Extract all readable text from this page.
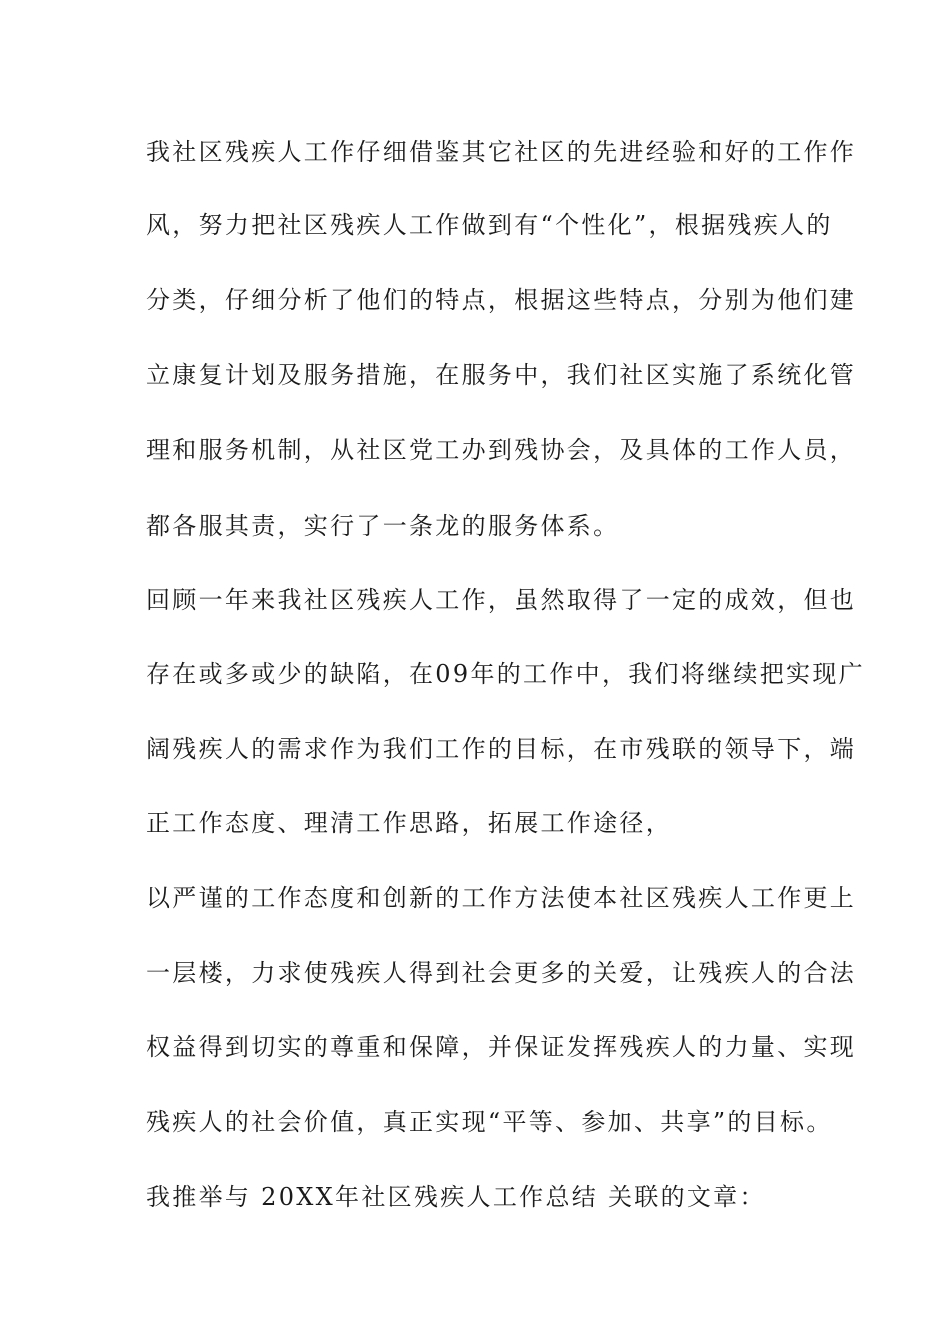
我社区残疾人工作仔细借鉴其它社区的先进经验和好的工作作
风，努力把社区残疾人工作做到有“个性化”，根据残疾人的
分类，仔细分析了他们的特点，根据这些特点，分别为他们建
立康复计划及服务措施，在服务中，我们社区实施了系统化管
理和服务机制，从社区党工办到残协会，及具体的工作人员，
都各服其责，实行了一条龙的服务体系。
回顾一年来我社区残疾人工作，虽然取得了一定的成效，但也
存在或多或少的缺陷，在09年的工作中，我们将继续把实现广
阔残疾人的需求作为我们工作的目标，在市残联的领导下，端
正工作态度、理清工作思路，拓展工作途径，
以严谨的工作态度和创新的工作方法使本社区残疾人工作更上
一层楼，力求使残疾人得到社会更多的关爱，让残疾人的合法
权益得到切实的尊重和保障，并保证发挥残疾人的力量、实现
残疾人的社会价值，真正实现“平等、参加、共享”的目标。
我推举与 20XX年社区残疾人工作总结 关联的文章：
